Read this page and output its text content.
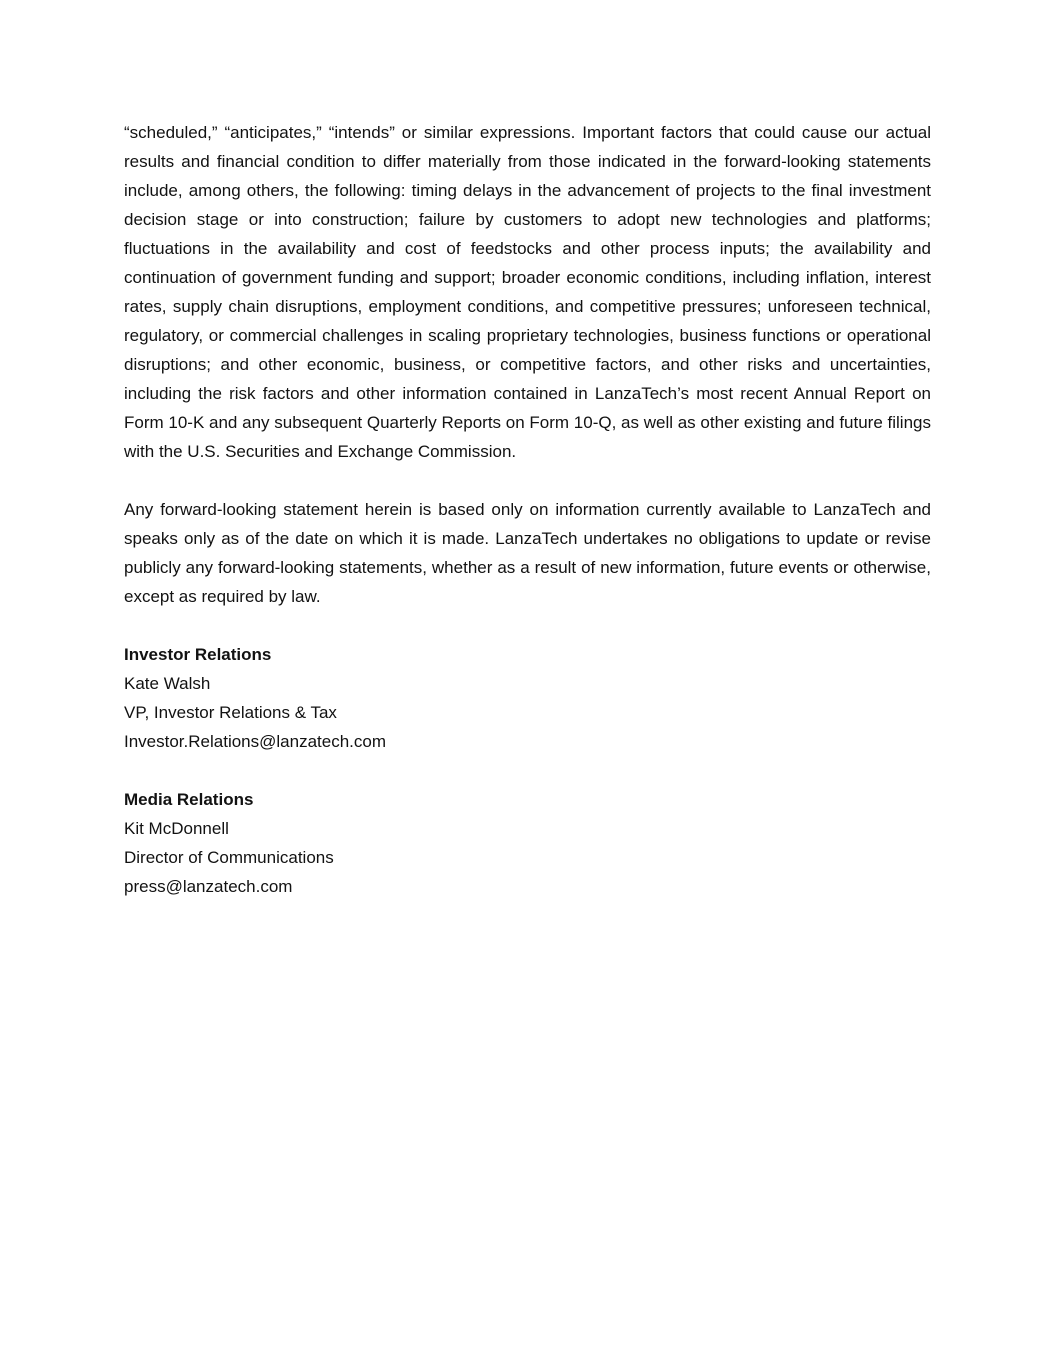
“scheduled,” “anticipates,” “intends” or similar expressions. Important factors that could cause our actual results and financial condition to differ materially from those indicated in the forward-looking statements include, among others, the following: timing delays in the advancement of projects to the final investment decision stage or into construction; failure by customers to adopt new technologies and platforms; fluctuations in the availability and cost of feedstocks and other process inputs; the availability and continuation of government funding and support; broader economic conditions, including inflation, interest rates, supply chain disruptions, employment conditions, and competitive pressures; unforeseen technical, regulatory, or commercial challenges in scaling proprietary technologies, business functions or operational disruptions; and other economic, business, or competitive factors, and other risks and uncertainties, including the risk factors and other information contained in LanzaTech’s most recent Annual Report on Form 10-K and any subsequent Quarterly Reports on Form 10-Q, as well as other existing and future filings with the U.S. Securities and Exchange Commission.

Any forward-looking statement herein is based only on information currently available to LanzaTech and speaks only as of the date on which it is made. LanzaTech undertakes no obligations to update or revise publicly any forward-looking statements, whether as a result of new information, future events or otherwise, except as required by law.

Investor Relations

Kate Walsh

VP, Investor Relations & Tax

Investor.Relations@lanzatech.com

Media Relations

Kit McDonnell

Director of Communications

press@lanzatech.com
